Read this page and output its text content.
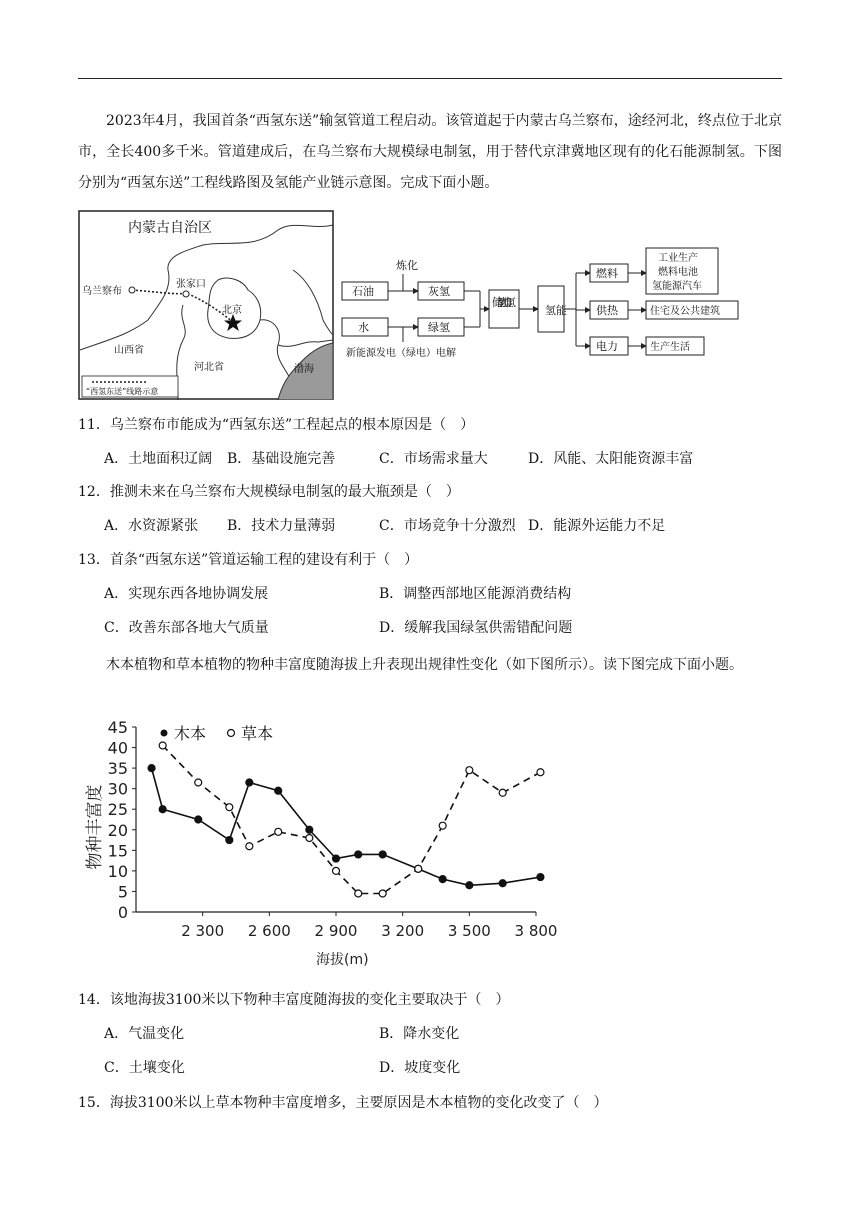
2023年4月，我国首条“西氢东送”输氢管道工程启动。该管道起于内蒙古乌兰察布，途经河北，终点位于北京市，全长400多千米。管道建成后，在乌兰察布大规模绿电制氢，用于替代京津冀地区现有的化石能源制氢。下图分别为“西氢东送”工程线路图及氢能产业链示意图。完成下面小题。
内蒙古自治区
乌兰察布
张家口
北京
山西省
河北省	渤海
“西氢东送”线路示意
炼化
石油	灰氢
水	绿氢
新能源发电（绿电）电解
储氢加氢
氢能
燃料
供热
电力
工业生产
燃料电池
氢能源汽车
住宅及公共建筑
生产生活
11．乌兰察布市能成为“西氢东送”工程起点的根本原因是（　）
A．土地面积辽阔 B．基础设施完善	C．市场需求量大	D．风能、太阳能资源丰富
12．推测未来在乌兰察布大规模绿电制氢的最大瓶颈是（　）
A．水资源紧张 B．技术力量薄弱	C．市场竞争十分激烈 D．能源外运能力不足
13．首条“西氢东送”管道运输工程的建设有利于（　）
A．实现东西各地协调发展	B．调整西部地区能源消费结构
C．改善东部各地大气质量	D．缓解我国绿氢供需错配问题
木本植物和草本植物的物种丰富度随海拔上升表现出规律性变化（如下图所示）。读下图完成下面小题。
0
5
10
15
20
25
30
35
40
45
2 300 2 600 2 900 3 200 3 500 3 800
物种丰富度
海拔(m)
木本 草本
14．该地海拔3100米以下物种丰富度随海拔的变化主要取决于（　）
A．气温变化	B．降水变化
C．土壤变化	D．坡度变化
15．海拔3100米以上草本物种丰富度增多，主要原因是木本植物的变化改变了（　）
